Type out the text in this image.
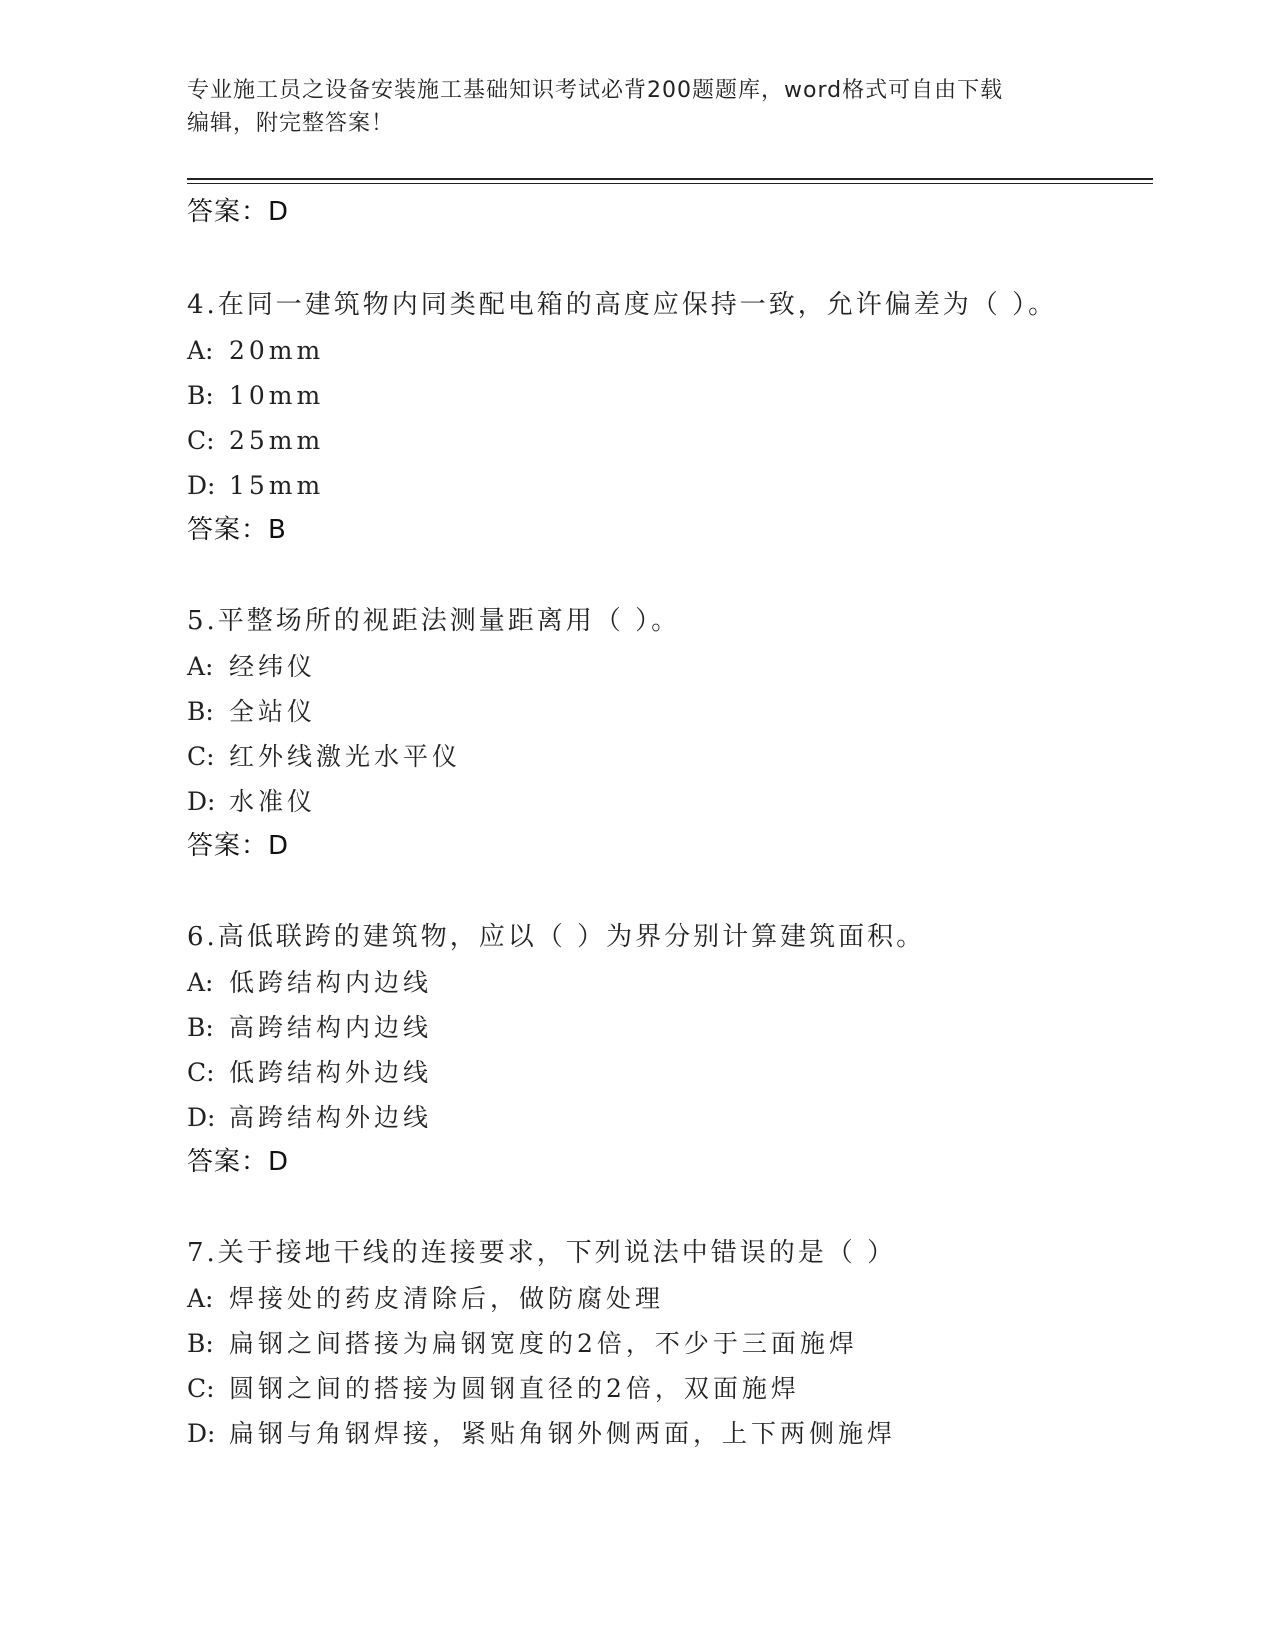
专业施工员之设备安装施工基础知识考试必背200题题库，word格式可自由下载
编辑，附完整答案！
答案：D
4.在同一建筑物内同类配电箱的高度应保持一致，允许偏差为（ ）。
A: 20mm
B: 10mm
C: 25mm
D: 15mm
答案：B
5.平整场所的视距法测量距离用（ ）。
A: 经纬仪
B: 全站仪
C: 红外线激光水平仪
D: 水准仪
答案：D
6.高低联跨的建筑物，应以（ ）为界分别计算建筑面积。
A: 低跨结构内边线
B: 高跨结构内边线
C: 低跨结构外边线
D: 高跨结构外边线
答案：D
7.关于接地干线的连接要求，下列说法中错误的是（ ）
A: 焊接处的药皮清除后，做防腐处理
B: 扁钢之间搭接为扁钢宽度的2倍，不少于三面施焊
C: 圆钢之间的搭接为圆钢直径的2倍，双面施焊
D: 扁钢与角钢焊接，紧贴角钢外侧两面，上下两侧施焊
